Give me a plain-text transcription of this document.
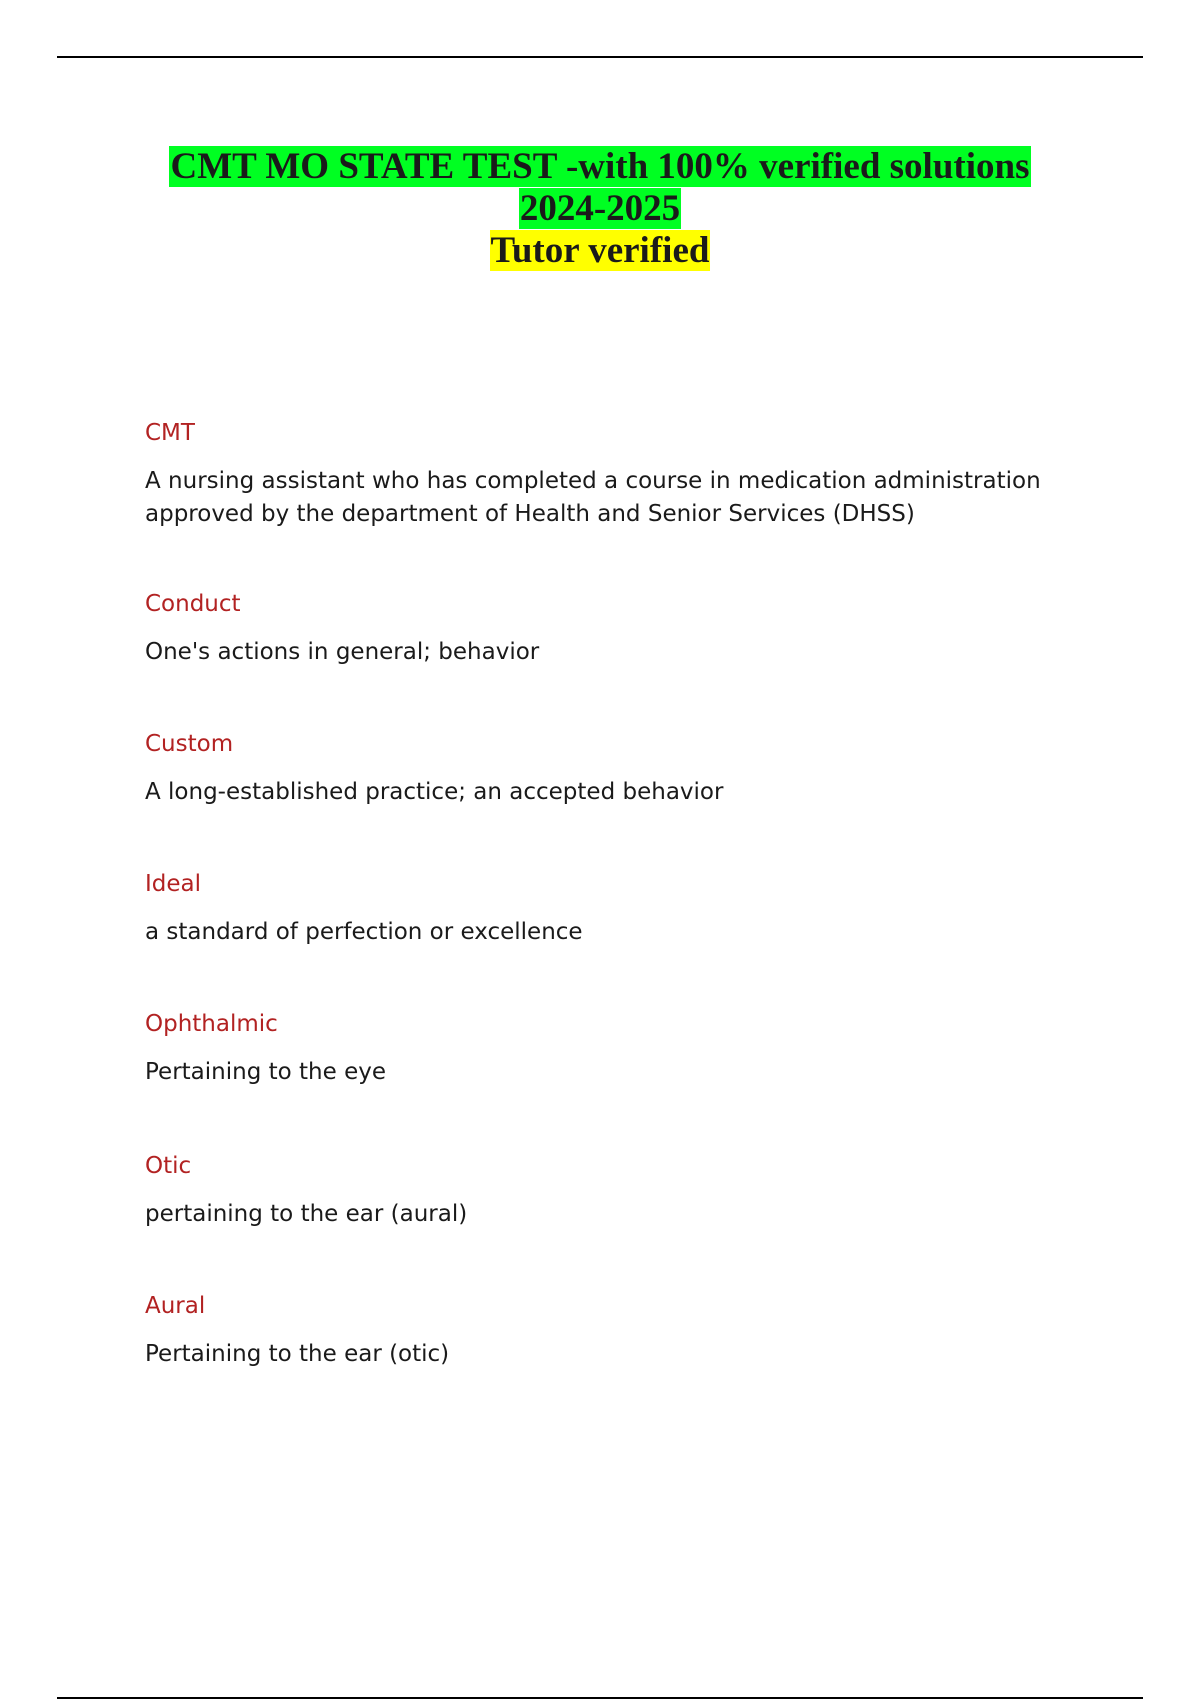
CMT MO STATE TEST -with 100% verified solutions
2024-2025
Tutor verified

CMT

A nursing assistant who has completed a course in medication administration approved by the department of Health and Senior Services (DHSS)

Conduct

One's actions in general; behavior

Custom

A long-established practice; an accepted behavior

Ideal

a standard of perfection or excellence

Ophthalmic

Pertaining to the eye

Otic

pertaining to the ear (aural)

Aural

Pertaining to the ear (otic)
